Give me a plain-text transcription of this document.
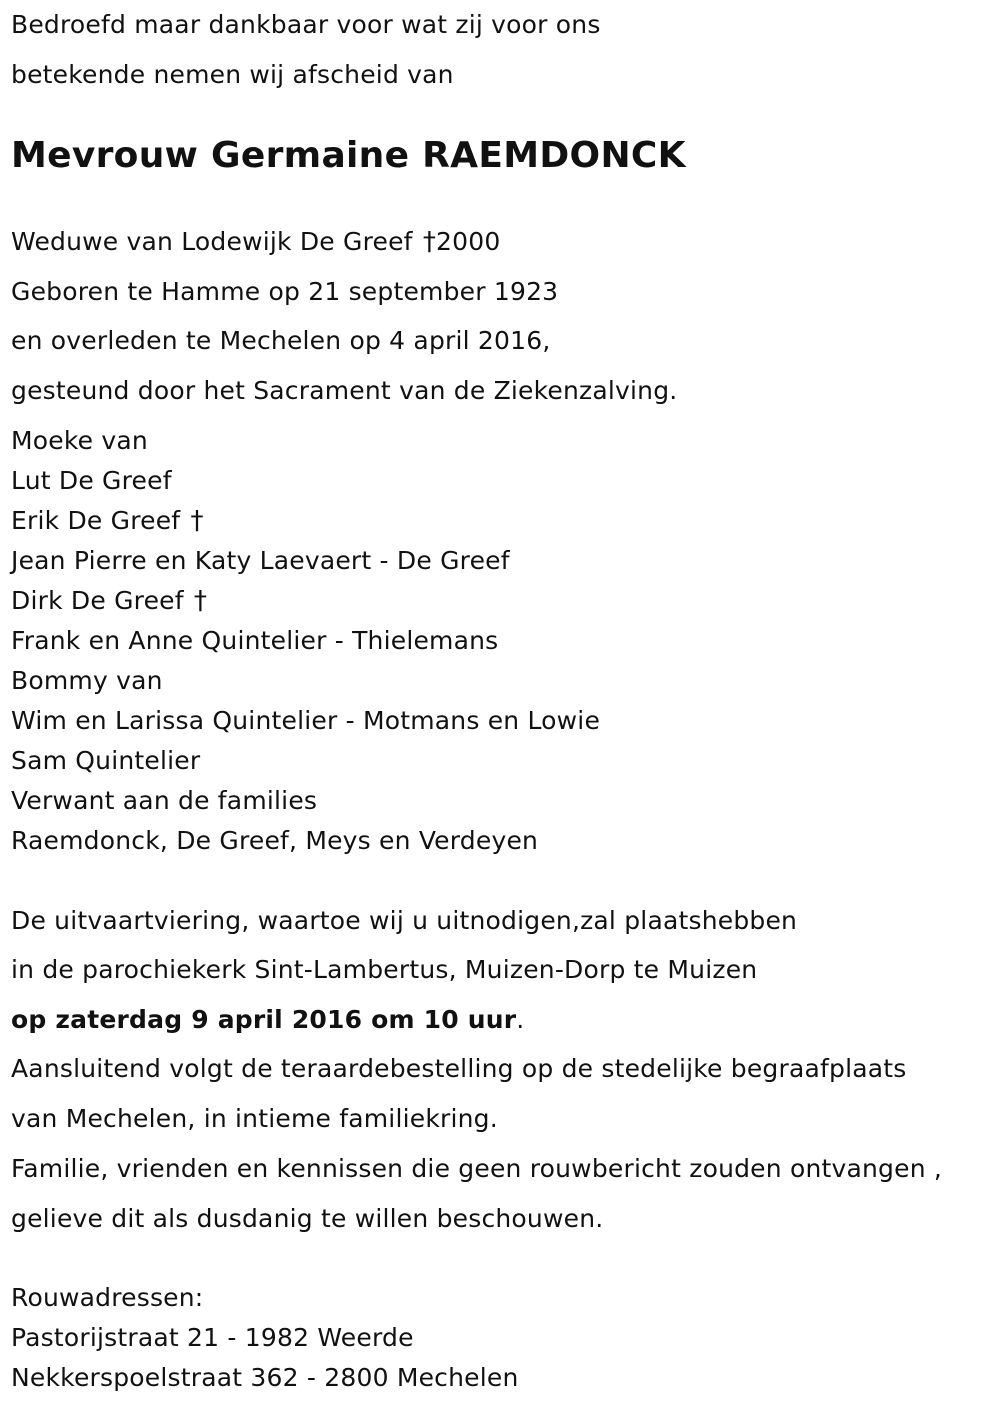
Bedroefd maar dankbaar voor wat zij voor ons
betekende nemen wij afscheid van
Mevrouw Germaine RAEMDONCK
Weduwe van Lodewijk De Greef †2000
Geboren te Hamme op 21 september 1923
en overleden te Mechelen op 4 april 2016,
gesteund door het Sacrament van de Ziekenzalving.
Moeke van
Lut De Greef
Erik De Greef †
Jean Pierre en Katy Laevaert - De Greef
Dirk De Greef †
Frank en Anne Quintelier - Thielemans
Bommy van
Wim en Larissa Quintelier - Motmans en Lowie
Sam Quintelier
Verwant aan de families
Raemdonck, De Greef, Meys en Verdeyen
De uitvaartviering, waartoe wij u uitnodigen,zal plaatshebben
in de parochiekerk Sint-Lambertus, Muizen-Dorp te Muizen
op zaterdag 9 april 2016 om 10 uur.
Aansluitend volgt de teraardebestelling op de stedelijke begraafplaats
van Mechelen, in intieme familiekring.
Familie, vrienden en kennissen die geen rouwbericht zouden ontvangen ,
gelieve dit als dusdanig te willen beschouwen.
Rouwadressen:
Pastorijstraat 21 - 1982 Weerde
Nekkerspoelstraat 362 - 2800 Mechelen
